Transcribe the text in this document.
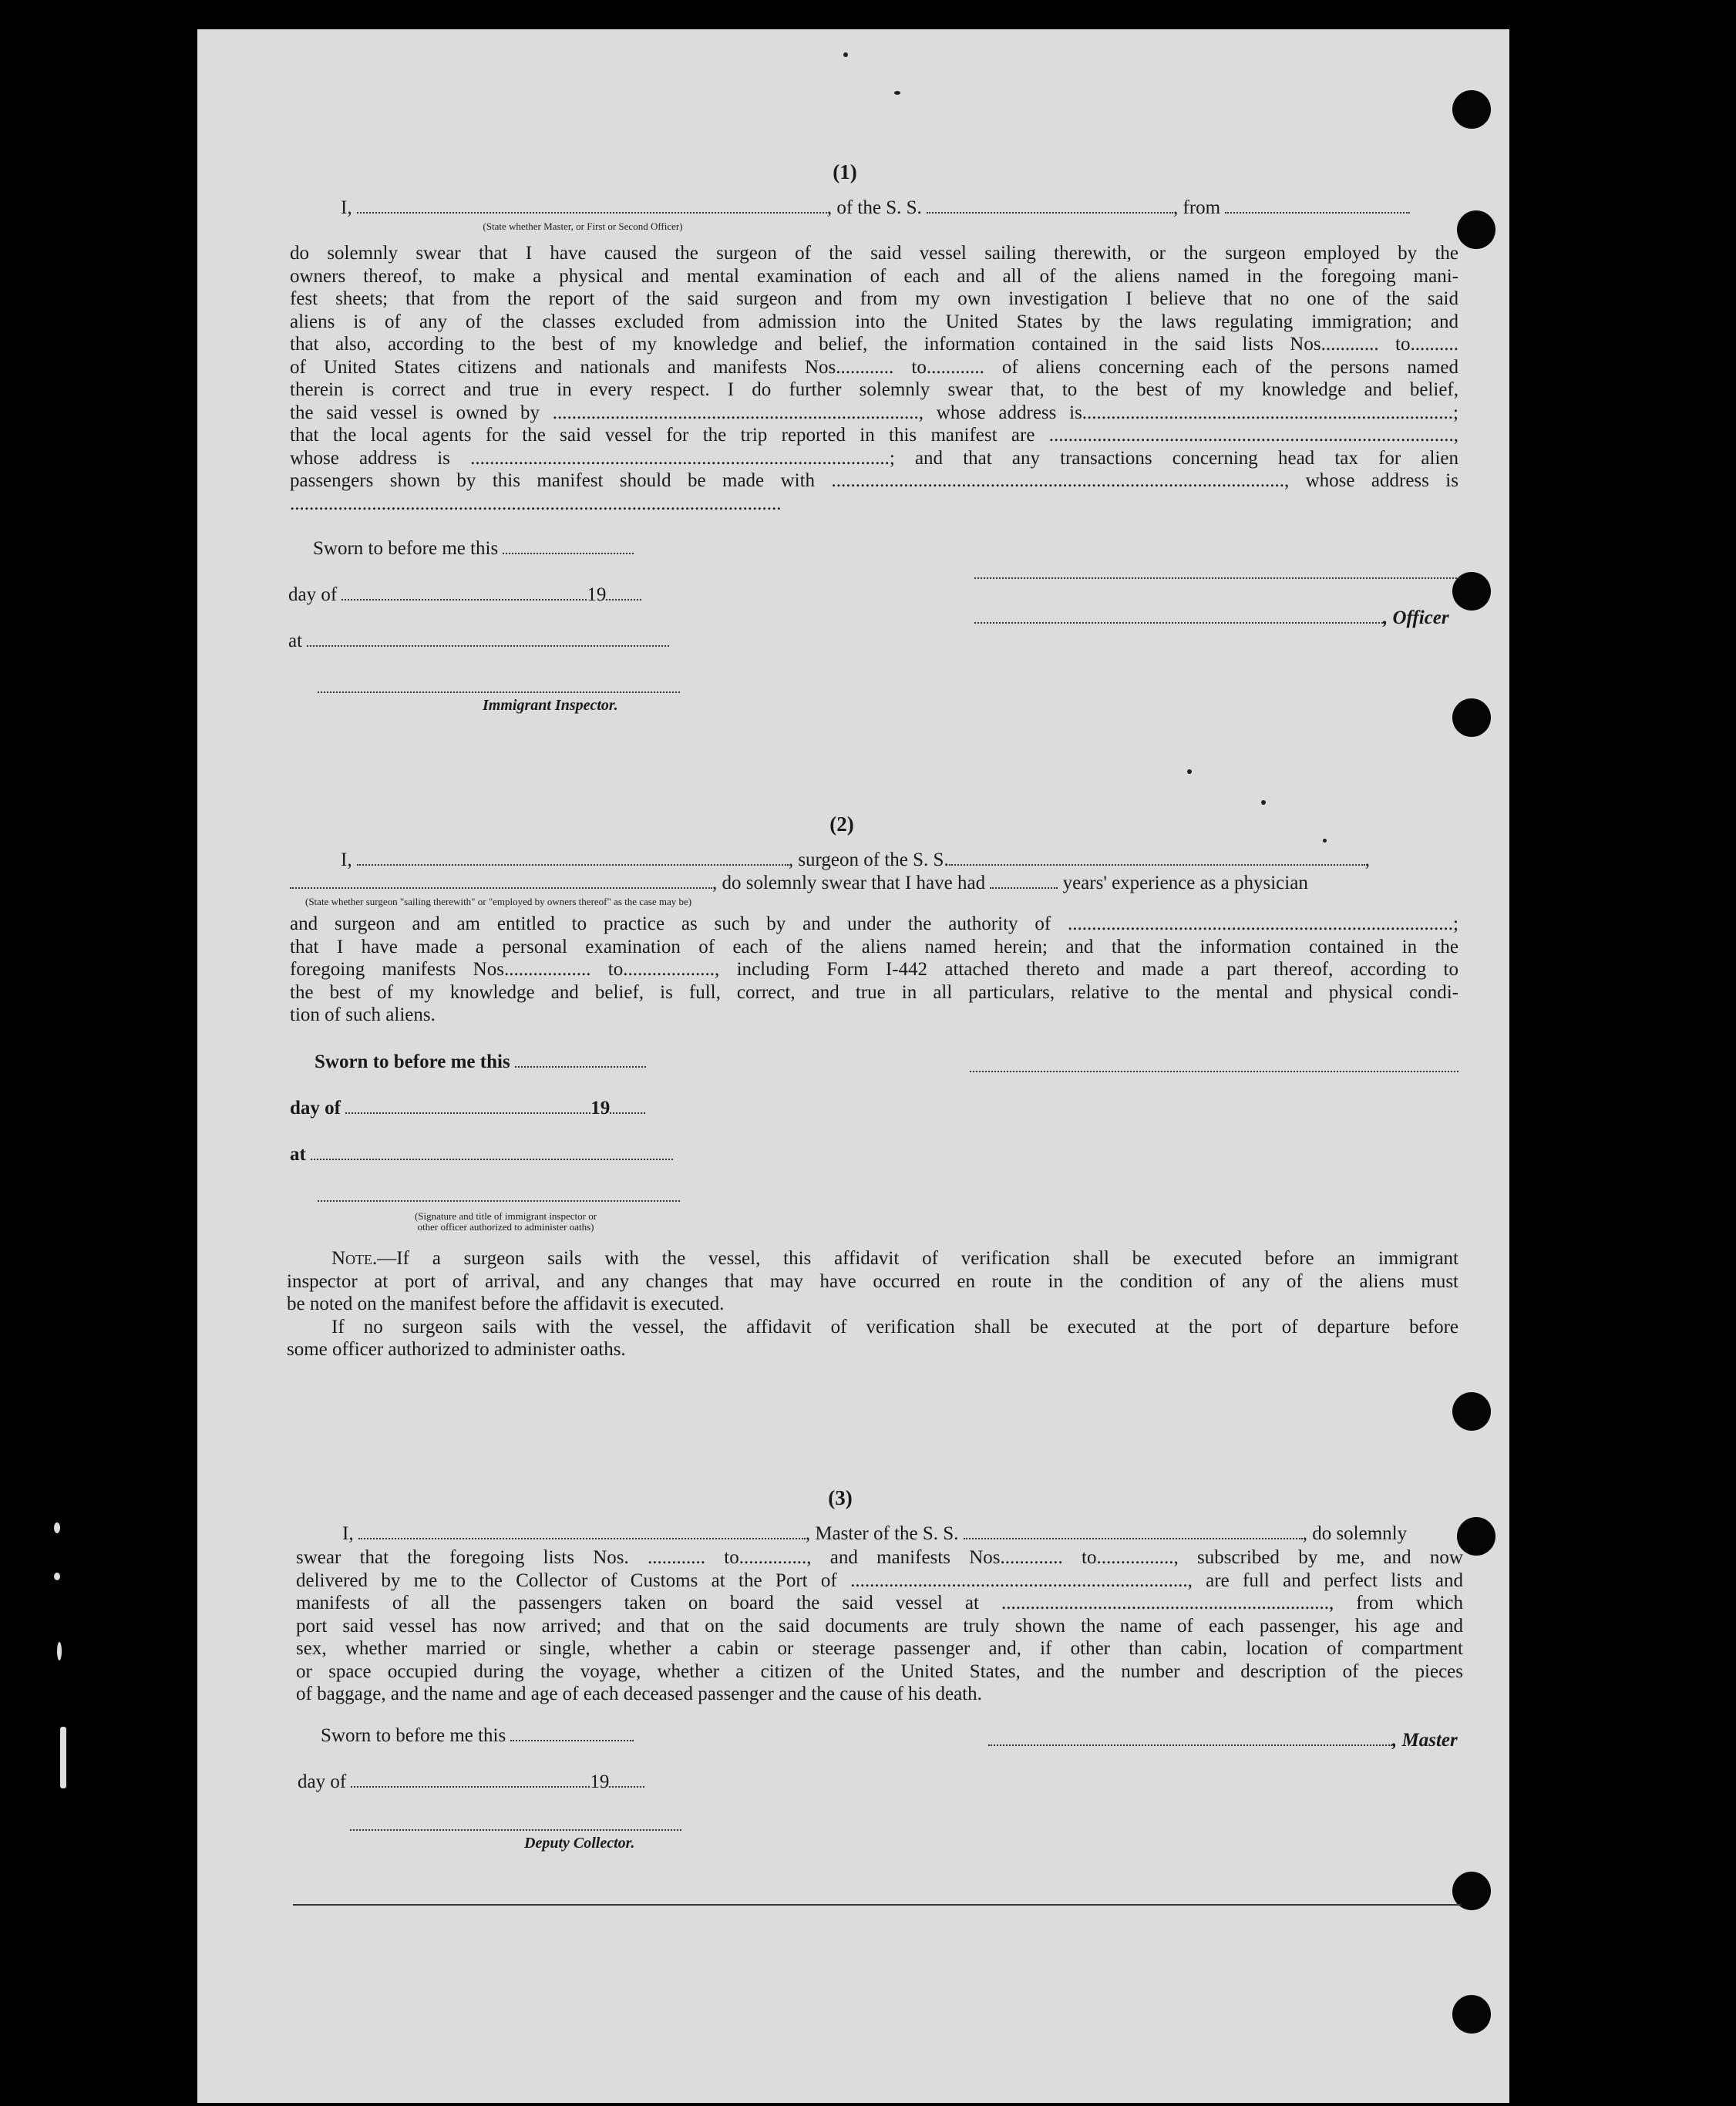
(1)
I,	, of the S. S.	, from
(State whether Master, or First or Second Officer)
do solemnly swear that I have caused the surgeon of the said vessel sailing therewith, or the surgeon employed by the
owners thereof, to make a physical and mental examination of each and all of the aliens named in the foregoing mani-
fest sheets; that from the report of the said surgeon and from my own investigation I believe that no one of the said
aliens is of any of the classes excluded from admission into the United States by the laws regulating immigration; and
that also, according to the best of my knowledge and belief, the information contained in the said lists Nos............ to..........
of United States citizens and nationals and manifests Nos............ to............ of aliens concerning each of the persons named
therein is correct and true in every respect. I do further solemnly swear that, to the best of my knowledge and belief,
the said vessel is owned by ............................................................................, whose address is.............................................................................;
that the local agents for the said vessel for the trip reported in this manifest are ....................................................................................,
whose address is .......................................................................................; and that any transactions concerning head tax for alien
passengers shown by this manifest should be made with .............................................................................................., whose address is
......................................................................................................
Sworn to before me this
day of	19
at
Immigrant Inspector.
, Officer
(2)
I,	, surgeon of the S. S.	,
, do solemnly swear that I have had	years' experience as a physician
(State whether surgeon "sailing therewith" or "employed by owners thereof" as the case may be)
and surgeon and am entitled to practice as such by and under the authority of ................................................................................;
that I have made a personal examination of each of the aliens named herein; and that the information contained in the
foregoing manifests Nos.................. to..................., including Form I-442 attached thereto and made a part thereof, according to
the best of my knowledge and belief, is full, correct, and true in all particulars, relative to the mental and physical condi-
tion of such aliens.
Sworn to before me this
day of	19
at
(Signature and title of immigrant inspector or
other officer authorized to administer oaths)
Note.—If a surgeon sails with the vessel, this affidavit of verification shall be executed before an immigrant
inspector at port of arrival, and any changes that may have occurred en route in the condition of any of the aliens must
be noted on the manifest before the affidavit is executed.
If no surgeon sails with the vessel, the affidavit of verification shall be executed at the port of departure before
some officer authorized to administer oaths.
(3)
I,	, Master of the S. S.	, do solemnly
swear that the foregoing lists Nos. ............ to.............., and manifests Nos............. to................, subscribed by me, and now
delivered by me to the Collector of Customs at the Port of ......................................................................, are full and perfect lists and
manifests of all the passengers taken on board the said vessel at ...................................................................., from which
port said vessel has now arrived; and that on the said documents are truly shown the name of each passenger, his age and
sex, whether married or single, whether a cabin or steerage passenger and, if other than cabin, location of compartment
or space occupied during the voyage, whether a citizen of the United States, and the number and description of the pieces
of baggage, and the name and age of each deceased passenger and the cause of his death.
Sworn to before me this
day of	19
Deputy Collector.
, Master
